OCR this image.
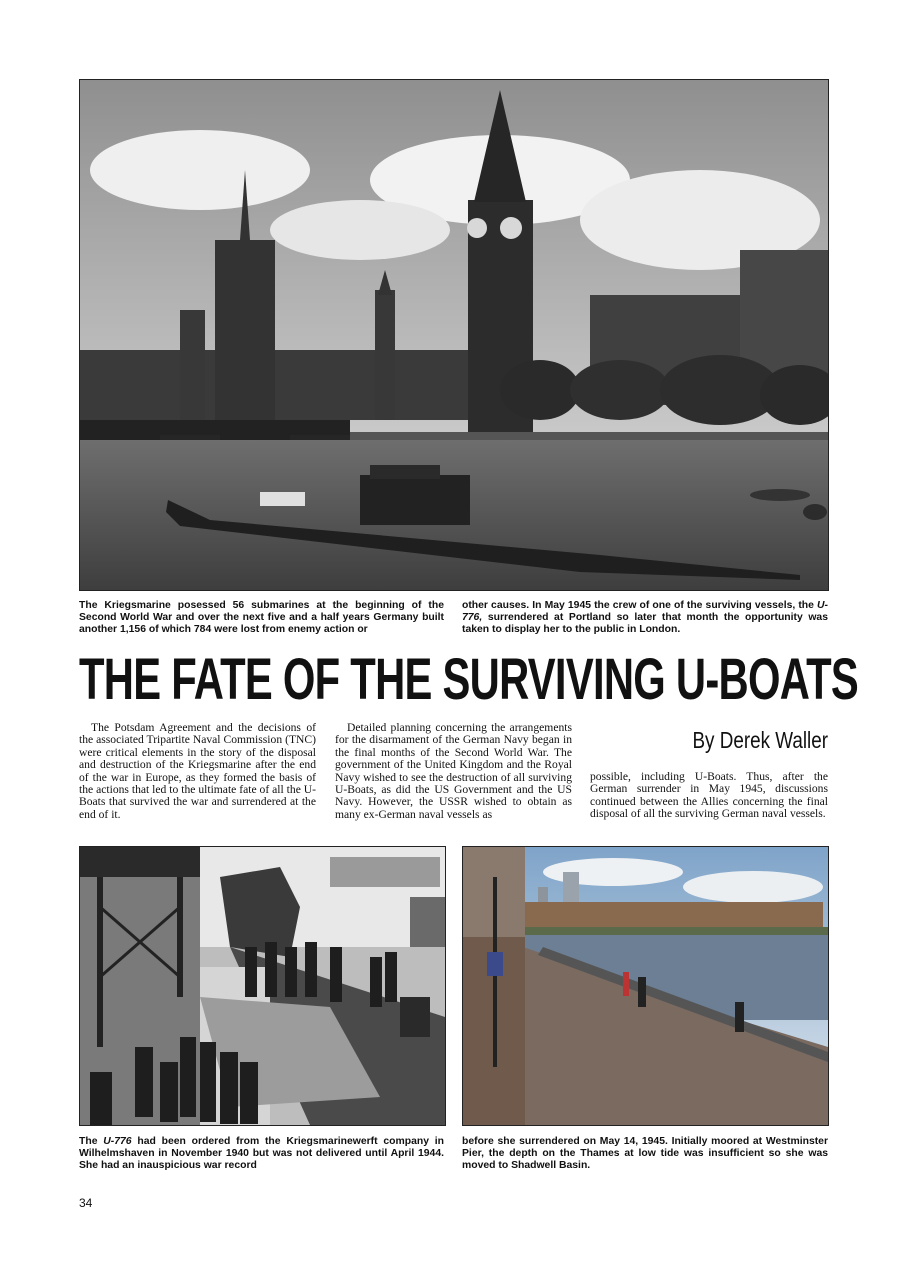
The Kriegsmarine posessed 56 submarines at the beginning of the Second World War and over the next five and a half years Germany built another 1,156 of which 784 were lost from enemy action or

other causes. In May 1945 the crew of one of the surviving vessels, the U-776, surrendered at Portland so later that month the opportunity was taken to display her to the public in London.

THE FATE OF THE SURVIVING U-BOATS

The Potsdam Agreement and the decisions of the associated Tripartite Naval Commission (TNC) were critical elements in the story of the disposal and destruction of the Kriegsmarine after the end of the war in Europe, as they formed the basis of the actions that led to the ultimate fate of all the U-Boats that survived the war and surrendered at the end of it.

Detailed planning concerning the arrangements for the disarmament of the German Navy began in the final months of the Second World War. The government of the United Kingdom and the Royal Navy wished to see the destruction of all surviving U-Boats, as did the US Government and the US Navy. However, the USSR wished to obtain as many ex-German naval vessels as

By Derek Waller

possible, including U-Boats. Thus, after the German surrender in May 1945, discussions continued between the Allies concerning the final disposal of all the surviving German naval vessels.

The U-776 had been ordered from the Kriegsmarinewerft company in Wilhelmshaven in November 1940 but was not delivered until April 1944. She had an inauspicious war record

before she surrendered on May 14, 1945. Initially moored at Westminster Pier, the depth on the Thames at low tide was insufficient so she was moved to Shadwell Basin.

34
